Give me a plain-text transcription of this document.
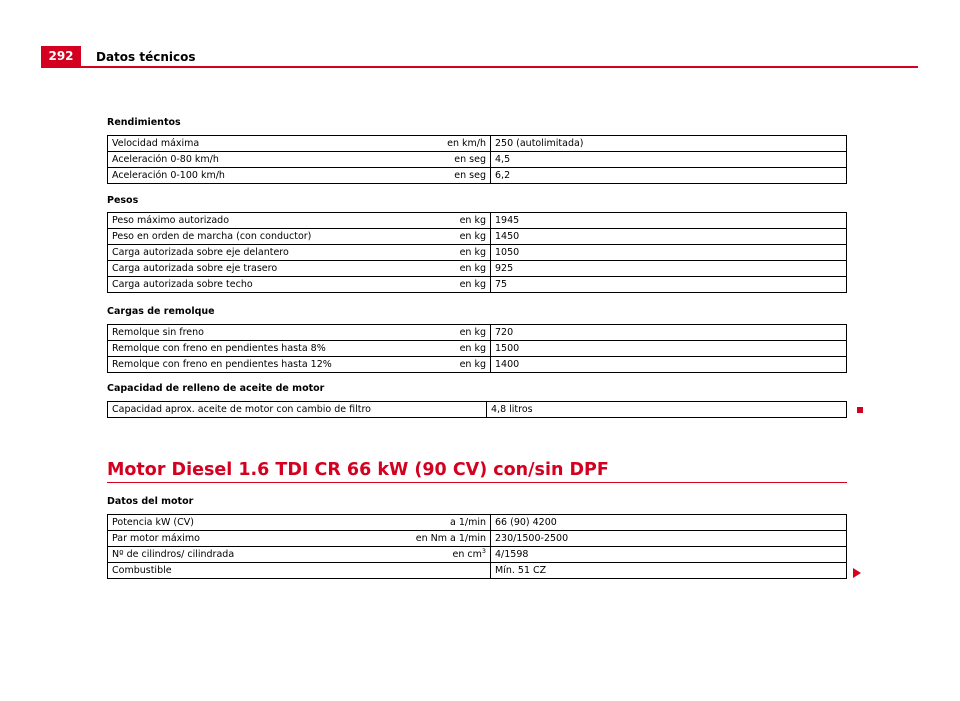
292	Datos técnicos
Rendimientos
Velocidad máxima	en km/h	250 (autolimitada)
Aceleración 0-80 km/h	en seg	4,5
Aceleración 0-100 km/h	en seg	6,2
Pesos
Peso máximo autorizado	en kg	1945
Peso en orden de marcha (con conductor)	en kg	1450
Carga autorizada sobre eje delantero	en kg	1050
Carga autorizada sobre eje trasero	en kg	925
Carga autorizada sobre techo	en kg	75
Cargas de remolque
Remolque sin freno	en kg	720
Remolque con freno en pendientes hasta 8%	en kg	1500
Remolque con freno en pendientes hasta 12%	en kg	1400
Capacidad de relleno de aceite de motor
Capacidad aprox. aceite de motor con cambio de filtro	4,8 litros
Motor Diesel 1.6 TDI CR 66 kW (90 CV) con/sin DPF
Datos del motor
Potencia kW (CV)	a 1/min	66 (90) 4200
Par motor máximo	en Nm a 1/min	230/1500-2500
Nº de cilindros/ cilindrada	en $cm^3$	4/1598
Combustible		Mín. 51 CZ
